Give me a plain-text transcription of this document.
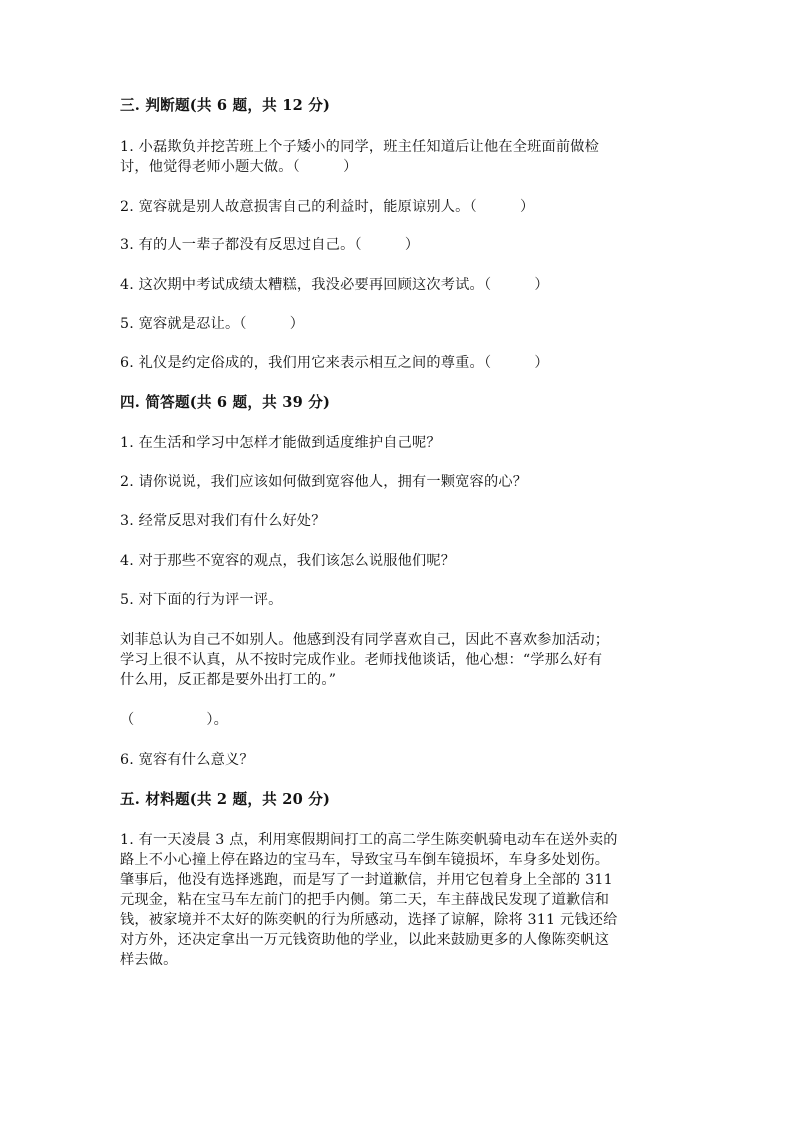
三. 判断题(共 6 题，共 12 分)
1. 小磊欺负并挖苦班上个子矮小的同学，班主任知道后让他在全班面前做检
讨，他觉得老师小题大做。（　　　）
2. 宽容就是别人故意损害自己的利益时，能原谅别人。（　　　）
3. 有的人一辈子都没有反思过自己。（　　　）
4. 这次期中考试成绩太糟糕，我没必要再回顾这次考试。（　　　）
5. 宽容就是忍让。（　　　）
6. 礼仪是约定俗成的，我们用它来表示相互之间的尊重。（　　　）
四. 简答题(共 6 题，共 39 分)
1. 在生活和学习中怎样才能做到适度维护自己呢？
2. 请你说说，我们应该如何做到宽容他人，拥有一颗宽容的心？
3. 经常反思对我们有什么好处？
4. 对于那些不宽容的观点，我们该怎么说服他们呢？
5. 对下面的行为评一评。
刘菲总认为自己不如别人。他感到没有同学喜欢自己，因此不喜欢参加活动；
学习上很不认真，从不按时完成作业。老师找他谈话，他心想：“学那么好有
什么用，反正都是要外出打工的。”
（　　　　　）。
6. 宽容有什么意义？
五. 材料题(共 2 题，共 20 分)
1. 有一天凌晨 3 点，利用寒假期间打工的高二学生陈奕帆骑电动车在送外卖的
路上不小心撞上停在路边的宝马车，导致宝马车倒车镜损坏，车身多处划伤。
肇事后，他没有选择逃跑，而是写了一封道歉信，并用它包着身上全部的 311
元现金，粘在宝马车左前门的把手内侧。第二天，车主薛战民发现了道歉信和
钱，被家境并不太好的陈奕帆的行为所感动，选择了谅解，除将 311 元钱还给
对方外，还决定拿出一万元钱资助他的学业，以此来鼓励更多的人像陈奕帆这
样去做。
